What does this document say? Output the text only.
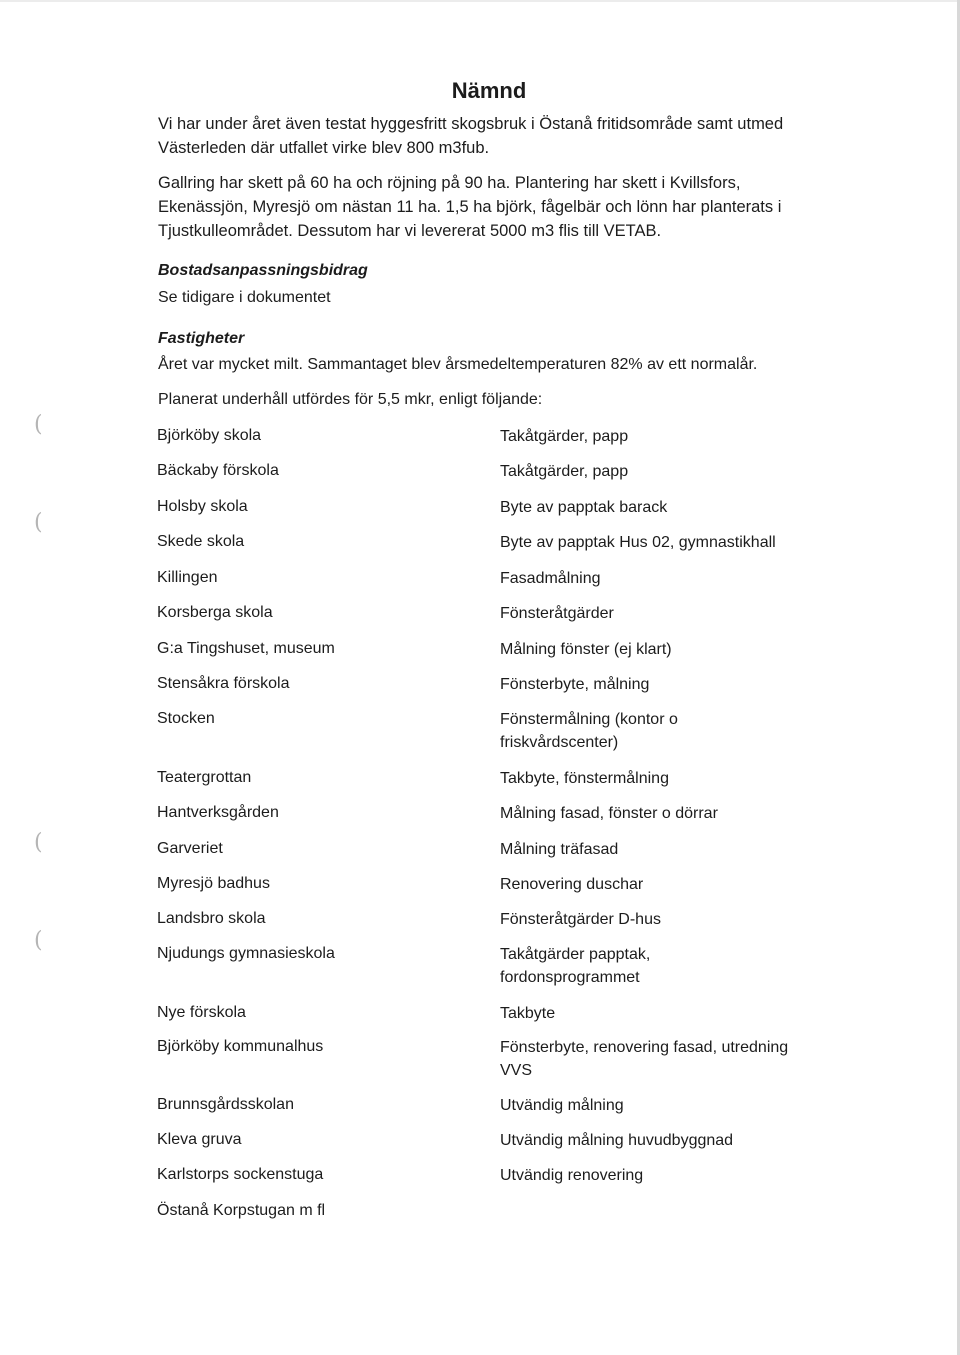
(
(
(
(
Nämnd

Vi har under året även testat hyggesfritt skogsbruk i Östanå fritidsområde samt utmed Västerleden där utfallet virke blev 800 m3fub.

Gallring har skett på 60 ha och röjning på 90 ha. Plantering har skett i Kvillsfors, Ekenässjön, Myresjö om nästan 11 ha. 1,5 ha björk, fågelbär och lönn har planterats i Tjustkulleområdet. Dessutom har vi levererat 5000 m3 flis till VETAB.

Bostadsanpassningsbidrag
Se tidigare i dokumentet
Fastigheter
Året var mycket milt. Sammantaget blev årsmedeltemperaturen 82% av ett normalår.
Planerat underhåll utfördes för 5,5 mkr, enligt följande:
Björköby skola	Takåtgärder, papp
Bäckaby förskola	Takåtgärder, papp
Holsby skola	Byte av papptak barack
Skede skola	Byte av papptak Hus 02, gymnastikhall
Killingen	Fasadmålning
Korsberga skola	Fönsteråtgärder
G:a Tingshuset, museum	Målning fönster (ej klart)
Stensåkra förskola	Fönsterbyte, målning
Stocken	Fönstermålning (kontor o friskvårdscenter)
Teatergrottan	Takbyte, fönstermålning
Hantverksgården	Målning fasad, fönster o dörrar
Garveriet	Målning träfasad
Myresjö badhus	Renovering duschar
Landsbro skola	Fönsteråtgärder D-hus
Njudungs gymnasieskola	Takåtgärder papptak, fordonsprogrammet
Nye förskola	Takbyte
Björköby kommunalhus	Fönsterbyte, renovering fasad, utredning VVS
Brunnsgårdsskolan	Utvändig målning
Kleva gruva	Utvändig målning huvudbyggnad
Karlstorps sockenstuga	Utvändig renovering
Östanå Korpstugan m fl
